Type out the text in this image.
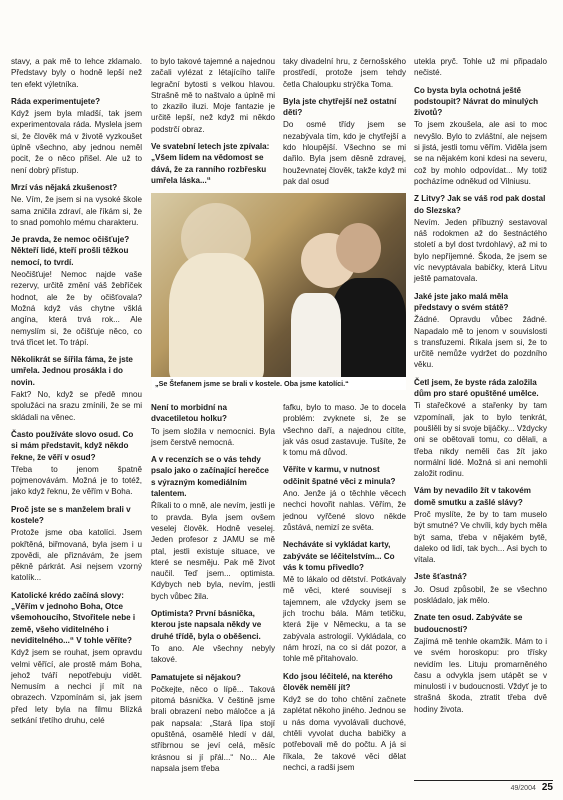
stavy, a pak mě to lehce zklamalo. Představy byly o hodně lepší než ten efekt výletníka.

Ráda experimentujete?

Když jsem byla mladší, tak jsem experimentovala ráda. Myslela jsem si, že člověk má v životě vyzkoušet úplně všechno, aby jednou neměl pocit, že o něco přišel. Ale už to není dobrý přístup.

Mrzí vás nějaká zkušenost?

Ne. Vím, že jsem si na vysoké škole sama zničila zdraví, ale říkám si, že to snad pomohlo mému charakteru.

Je pravda, že nemoc očišťuje? Někteří lidé, kteří prošli těžkou nemocí, to tvrdí.

Neočišťuje! Nemoc najde vaše rezervy, určitě změní váš žebříček hodnot, ale že by očišťovala? Možná když vás chytne všklá angína, která trvá rok... Ale nemyslím si, že očišťuje něco, co trvá třicet let. To trápí.

Několikrát se šířila fáma, že jste umřela. Jednou prosákla i do novin.

Fakt? No, když se předě mnou spolužáci na srazu zmínili, že se mi skládali na věnec.

Často používáte slovo osud. Co si mám představit, když někdo řekne, že věří v osud?

Třeba to jenom špatně pojmenovávám. Možná je to totéž, jako když řeknu, že věřím v Boha.

Proč jste se s manželem brali v kostele?

Protože jsme oba katolíci. Jsem pokřtěná, biřmovaná, byla jsem i u zpovědi, ale přiznávám, že jsem pěkně párkrát. Asi nejsem vzorný katolík...

Katolické krédo začíná slovy: „Věřím v jednoho Boha, Otce všemohoucího, Stvořitele nebe i země, všeho viditelného i neviditelného...“ V tohle věříte?

Když jsem se rouhat, jsem opravdu velmi věřící, ale prostě mám Boha, jehož tváří nepotřebuju vidět. Nemusím a nechci jí mít na obrazech. Vzpomínám si, jak jsem před lety byla na filmu Blízká setkání třetího druhu, celé

to bylo takové tajemné a najednou začali vylézat z létajícího talíře legrační bytosti s velkou hlavou. Strašně mě to naštvalo a úplně mi to zkazilo iluzi. Moje fantazie je určitě lepší, než když mi někdo podstrčí obraz.

Ve svatební letech jste zpívala: „Všem lidem na vědomost se dává, že za ranního rozbřesku umřela láska...“

taky divadelní hru, z černošského prostředí, protože jsem tehdy četla Chaloupku strýčka Toma.

Byla jste chytřejší než ostatní děti?

Do osmé třídy jsem se nezabývala tím, kdo je chytřejší a kdo hloupější. Všechno se mi dařilo. Byla jsem děsně zdravej, houževnatej člověk, takže když mi pak dal osud

„Se Štefanem jsme se brali v kostele. Oba jsme katolíci.“

Není to morbidní na dvacetiletou holku?

To jsem složila v nemocnici. Byla jsem čerstvě nemocná.

A v recenzích se o vás tehdy psalo jako o začínající herečce s výrazným komediálním talentem.

Říkali to o mně, ale nevím, jestli je to pravda. Byla jsem ovšem veselej člověk. Hodně veselej. Jeden profesor z JAMU se mě ptal, jestli existuje situace, ve které se nesměju. Pak mě život naučil. Teď jsem... optimista. Kdybych neb byla, nevím, jestli bych vůbec žila.

Optimista? První básnička, kterou jste napsala někdy ve druhé třídě, byla o oběšenci.

To ano. Ale všechny nebyly takové.

Pamatujete si nějakou?

Počkejte, něco o lípě... Taková pitomá básnička. V češtině jsme brali obrazení nebo máločce a já pak napsala: „Stará lípa stojí opuštěná, osamělé hledí v dál, stříbrnou se jeví celá, měsíc krásnou si jí přál...“ No... Ale napsala jsem třeba

fafku, bylo to maso. Je to docela problém: zvyknete si, že se všechno daří, a najednou cítíte, jak vás osud zastavuje. Tušíte, že k tomu má důvod.

Věříte v karmu, v nutnost odčinit špatné věci z minula?

Ano. Jenže já o těchhle věcech nechci hovořit nahlas. Věřím, že jednou vyřčené slovo někde zůstává, nemizí ze světa.

Necháváte si vykládat karty, zabýváte se léčitelstvím... Co vás k tomu přivedlo?

Mě to lákalo od dětství. Potkávaly mě věci, které souvisejí s tajemnem, ale vždycky jsem se jich trochu bála. Mám tetičku, která žije v Německu, a ta se zabývala astrologií. Vykládala, co nám hrozí, na co si dát pozor, a tohle mě přitahovalo.

Kdo jsou léčitelé, na kterého člověk nemělí jít?

Když se do toho chtění začnete zaplétat někoho jiného. Jednou se u nás doma vyvolávali duchové, chtěli vyvolat ducha babičky a potřebovali mě do počtu. A já si říkala, že takové věci dělat nechci, a radši jsem

utekla pryč. Tohle už mi připadalo nečisté.

Co bysta byla ochotná ještě podstoupit? Návrat do minulých životů?

To jsem zkoušela, ale asi to moc nevyšlo. Bylo to zvláštní, ale nejsem si jistá, jestli tomu věřím. Viděla jsem se na nějakém koni kdesi na severu, což by mohlo odpovídat... My totiž pocházíme odněkud od Vilniusu.

Z Litvy? Jak se váš rod pak dostal do Slezska?

Nevím. Jeden příbuzný sestavoval náš rodokmen až do šestnáctého století a byl dost tvrdohlavý, až mi to bylo nepříjemné. Škoda, že jsem se víc nevyptávala babičky, která Litvu ještě pamatovala.

Jaké jste jako malá měla představy o svém státě?

Žádné. Opravdu vůbec žádné. Napadalo mě to jenom v souvislosti s transfuzemi. Říkala jsem si, že to určitě nemůže vydržet do pozdního věku.

Četl jsem, že byste ráda založila dům pro staré opuštěné umělce.

Ti stařečkové a stařenky by tam vzpomínali, jak to bylo tenkrát, poušlěli by si svoje bijáčky... Vždycky oni se obětovali tomu, co dělali, a třeba nikdy neměli čas žít jako normální lidé. Možná si ani nemohli založit rodinu.

Vám by nevadilo žít v takovém domě smutku a zašlé slávy?

Proč myslíte, že by to tam muselo být smutné? Ve chvíli, kdy bych měla být sama, třeba v nějakém bytě, daleko od lidí, tak bych... Asi bych to vítala.

Jste šťastná?

Jo. Osud způsobil, že se všechno poskládalo, jak mělo.

Znate ten osud. Zabýváte se budoucností?

Zajímá mě tenhle okamžik. Mám to i ve svém horoskopu: pro třísky nevidím les. Lituju promarněného času a odvykla jsem utápět se v minulosti i v budoucnosti. Vždyť je to strašná škoda, ztratit třeba dvě hodiny života.

49/2004 25
